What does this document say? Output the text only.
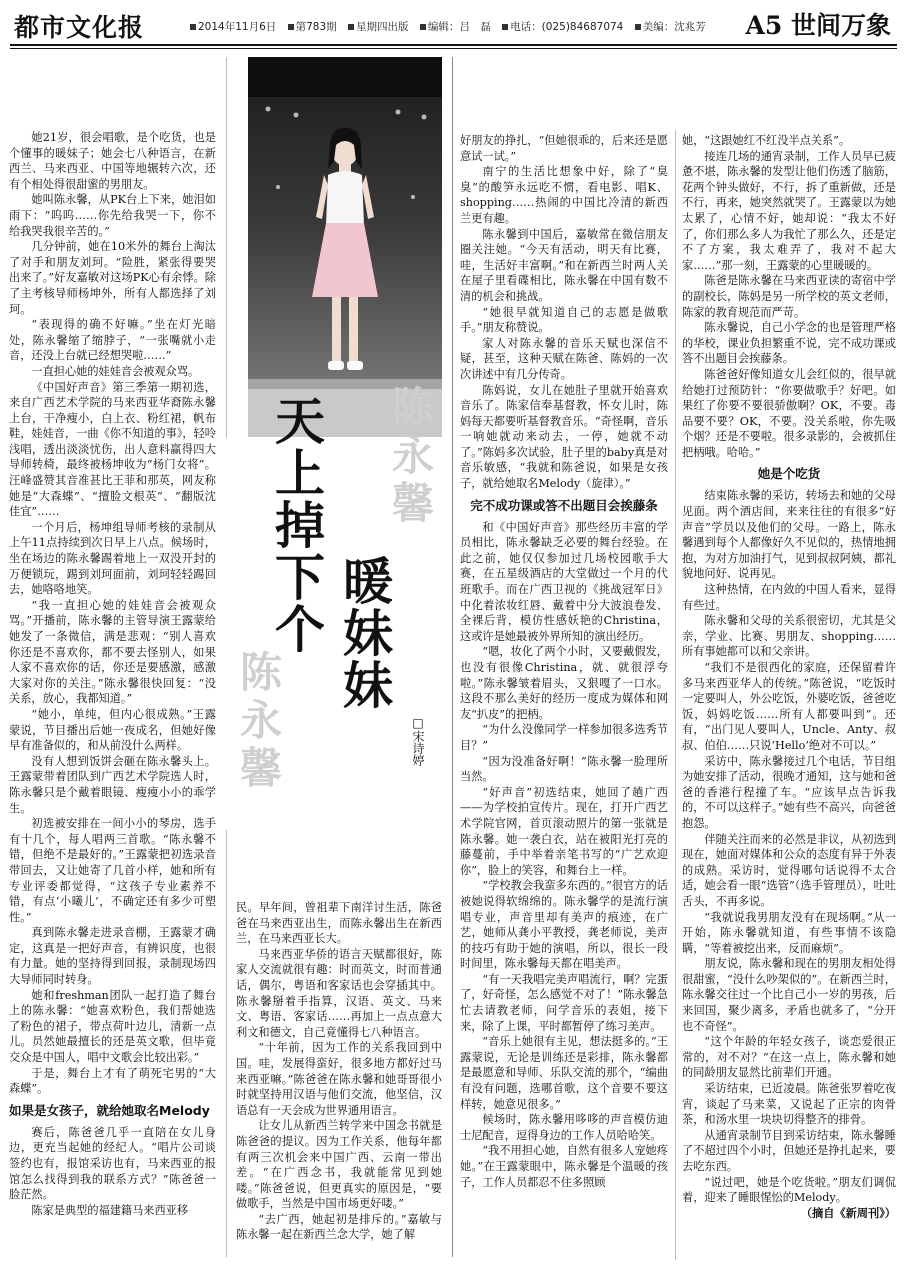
都市文化报	2014年11月6日 第783期 星期四出版 编辑：吕　磊 电话：(025)84687074 美编：沈兆芳	A5 世间万象
陈永馨
陈永馨
天上掉下个 暖妹妹
□宋诗婷

她21岁，很会唱歌，是个吃货，也是个懂事的暖妹子；她会七八种语言，在新西兰、马来西亚、中国等地辗转六次，还有个相处得很甜蜜的男朋友。

她叫陈永馨，从PK台上下来，她泪如雨下：“呜呜……你先给我哭一下，你不给我哭我很辛苦的。”

几分钟前，她在10米外的舞台上淘汰了对手和朋友刘珂。“险胜，紧张得要哭出来了。”好友嘉敏对这场PK心有余悸。除了主考核导师杨坤外，所有人都选择了刘珂。

“表现得的确不好嘛。”坐在灯光暗处，陈永馨缩了缩脖子，“一张嘴就小走音，还没上台就已经想哭啦……”

一直担心她的娃娃音会被观众骂。

《中国好声音》第三季第一期初选，来自广西艺术学院的马来西亚华裔陈永馨上台，干净瘦小，白上衣、粉红裙，帆布鞋，娃娃音，一曲《你不知道的事》，轻呤浅唱，透出淡淡忧伤，出人意料赢得四大导师转椅，最终被杨坤收为“杨门女将”。汪峰盛赞其音准甚比王菲和那英，网友称她是“大森蝶”、“擅脸文根英”、“翻版沈佳宜”……

一个月后，杨坤组导师考核的录制从上午11点持续到次日早上八点。候场时，坐在场边的陈永馨踢着地上一双没开封的万便锁玩，踢到刘珂面前，刘珂轻轻踢回去，她咯咯地笑。

“我一直担心她的娃娃音会被观众骂。”开播前，陈永馨的主管导演王露蒙给她发了一条微信，满是悲观：“别人喜欢你还是不喜欢你，都不要去怪别人，如果人家不喜欢你的话，你还是要感激，感激大家对你的关注。”陈永馨很快回复：“没关系，放心，我都知道。”

“她小，单纯，但内心很成熟。”王露蒙说，节目播出后她一夜成名，但她好像早有准备似的，和从前没什么两样。

没有人想到饭饼会砸在陈永馨头上。王露蒙带着团队到广西艺术学院选人时，陈永馨只是个戴着眼镜、瘦瘦小小的乖学生。

初选被安排在一间小小的琴房，选手有十几个，每人唱两三首歌。“陈永馨不错，但绝不是最好的。”王露蒙把初选录音带回去，又让她寄了几首小样，她和所有专业评委都觉得，“这孩子专业素养不错，有点‘小曦儿’，不确定还有多少可塑性。”

真到陈永馨走进录音棚，王露蒙才确定，这真是一把好声音，有辨识度，也很有力量。她的坚持得到回报，录制现场四大导师同时转身。

她和freshman团队一起打造了舞台上的陈永馨：“她喜欢粉色，我们帮她选了粉色的裙子，带点荷叶边儿，清新一点儿。员然她最擅长的还是英文歌，但毕竟交众是中国人，唱中文歌会比较出彩。”

于是，舞台上才有了萌死宅男的“大森蝶”。

如果是女孩子，就给她取名Melody

赛后，陈爸爸几乎一直陪在女儿身边，更充当起她的经纪人。“唱片公司谈签约也有，报馆采访也有，马来西亚的报馆怎么找得到我的联系方式？”陈爸爸一脸茫然。

陈家是典型的福建籍马来西亚移

民。早年间，曾祖辈下南洋讨生活，陈爸爸在马来西亚出生，而陈永馨出生在新西兰，在马来西亚长大。

马来西亚华侨的语言天赋都很好，陈家人交流就很有趣：时而英文，时而普通话，偶尔，粤语和客家话也会穿插其中。陈永馨掰着手指算，汉语、英文、马来文、粤语、客家话……再加上一点点意大利文和德文，自己竟懂得七八种语言。

“十年前，因为工作的关系我回到中国。哇，发展得蛮好，很多地方都好过马来西亚嘛。”陈爸爸在陈永馨和她哥哥很小时就坚持用汉语与他们交流，他坚信，汉语总有一天会成为世界通用语言。

让女儿从新西兰转学来中国念书就是陈爸爸的提议。因为工作关系，他每年都有两三次机会来中国广西、云南一带出差。“在广西念书，我就能常见到她喽。”陈爸爸说，但更真实的原因是，“要做歌手，当然是中国市场更好喽。”

“去广西，她起初是排斥的。”嘉敏与陈永馨一起在新西兰念大学，她了解

好朋友的挣扎，“但她很乖的，后来还是愿意试一试。”

南宁的生活比想象中好，除了“臭臭”的酸笋永远吃不惯，看电影、唱K、shopping……热闹的中国比冷清的新西兰更有趣。

陈永馨到中国后，嘉敏常在微信朋友圈关注她。“今天有活动，明天有比赛，哇，生活好丰富啊。”和在新西兰时两人关在屋子里看碟相比，陈永馨在中国有数不清的机会和挑战。

“她很早就知道自己的志愿是做歌手。”朋友称赞说。

家人对陈永馨的音乐天赋也深信不疑，甚至，这种天赋在陈爸、陈妈的一次次讲述中有几分传奇。

陈妈说，女儿在她肚子里就开始喜欢音乐了。陈家信奉基督教，怀女儿时，陈妈每天都要听基督教音乐。“奇怪啊，音乐一响她就动来动去，一停，她就不动了。”陈妈多次试验，肚子里的baby真是对音乐敏感，“我就和陈爸说，如果是女孩子，就给她取名Melody（旋律）。”

完不成功课或答不出题目会挨藤条

和《中国好声音》那些经历丰富的学员相比，陈永馨缺乏必要的舞台经验。在此之前，她仅仅参加过几场校园歌手大赛，在五星级酒店的大堂做过一个月的代班歌手。而在广西卫视的《挑战冠军日》中化着浓妆红唇、戴着中分大波浪卷发、全裸后背，模仿性感妖艳的Christina，这或许是她最被外界所知的演出经历。

“嗯，妆化了两个小时，又要戴假发，也没有很像Christina，就、就很浮夸啦。”陈永馨皱着眉头，又狠嘎了一口水。这段不那么美好的经历一度成为媒体和网友“扒皮”的把柄。

“为什么没像同学一样参加很多选秀节目？”

“因为没准备好啊！”陈永馨一脸理所当然。

“好声音”初选结束，她回了趟广西——为学校拍宣传片。现在，打开广西艺术学院官网，首页滚动照片的第一张就是陈永馨。她一袭白衣，站在被阳光打亮的藤蔓前，手中举着亲笔书写的“广艺欢迎你”，脸上的笑容，和舞台上一样。

“学校教会我蛮多东西的。”很官方的话被她说得软绵绵的。陈永馨学的是流行演唱专业，声音里却有美声的痕迹，在广艺，她师从龚小平教授，龚老师说，美声的技巧有助于她的演唱，所以，很长一段时间里，陈永馨每天都在唱美声。

“有一天我唱完美声唱流行，啊？完蛋了，好奇怪，怎么感觉不对了！”陈永馨急忙去请教老师，问学音乐的表姐，接下来，除了上课，平时都暂停了练习美声。

“音乐上她很有主见，想法挺多的。”王露蒙说，无论是训练还是彩排，陈永馨都是最愿意和导师、乐队交流的那个，“编曲有没有问题，选哪首歌，这个音要不要这样转，她意见很多。”

候场时，陈永馨用哆哆的声音模仿迪士尼配音，逗得身边的工作人员哈哈笑。

“我不用担心她，自然有很多人宠她疼她。”在王露蒙眼中，陈永馨是个温暖的孩子，工作人员都忍不住多照顾

她，“这跟她红不红没半点关系”。

接连几场的通宵录制，工作人员早已疲惫不堪，陈永馨的发型让他们伤透了脑筋，花两个钟头做好，不行，拆了重新做，还是不行，再来，她突然就哭了。王露蒙以为她太累了，心情不好，她却说：“我太不好了，你们那么多人为我忙了那么久，还是定不了方案，我太难弄了，我对不起大家……”那一刻，王露蒙的心里暖暖的。

陈爸是陈永馨在马来西亚读的寄宿中学的副校长，陈妈是另一所学校的英文老师，陈家的教育规范而严苛。

陈永馨说，自己小学念的也是管理严格的华校，课业负担繁重不说，完不成功课或答不出题目会挨藤条。

陈爸爸好像知道女儿会红似的，很早就给她打过预防针：“你要做歌手？好吧。如果红了你要不要很骄傲啊？OK，不要。毒品要不要？OK，不要。没关系啦，你先吸个烟？还是不要啦。很多录影的，会被抓住把柄哦。哈哈。”

她是个吃货

结束陈永馨的采访，转场去和她的父母见面。两个酒店间，来来往往的有很多“好声音”学员以及他们的父母。一路上，陈永馨遇到每个人都像好久不见似的，热情地拥抱，为对方加油打气，见到叔叔阿姨，都礼貌地问好、说再见。

这种热情，在内敛的中国人看来，显得有些过。

陈永馨和父母的关系很密切，尤其是父亲，学业、比赛、男朋友、shopping……所有事她都可以和父亲讲。

“我们不是很西化的家庭，还保留着许多马来西亚华人的传统。”陈爸说，“吃饭时一定要叫人，外公吃饭，外婆吃饭，爸爸吃饭，妈妈吃饭……所有人都要叫到”。还有，“出门见人要叫人，Uncle、Anty、叔叔、伯伯……只说‘Hello’绝对不可以。”

采访中，陈永馨接过几个电话，节目组为她安排了活动，很晚才通知，这与她和爸爸的香港行程撞了车。“应该早点告诉我的，不可以这样子。”她有些不高兴，向爸爸抱怨。

伴随关注而来的必然是非议，从初选到现在，她面对媒体和公众的态度有异于外表的成熟。采访时，觉得哪句话说得不太合适，她会看一眼“选管”（选手管理员），吐吐舌头，不再多说。

“我就说我男朋友没有在现场啊。”从一开始，陈永馨就知道，有些事情不该隐瞒，“等着被挖出来，反而麻烦”。

朋友说，陈永馨和现在的男朋友相处得很甜蜜，“没什么吵架似的”。在新西兰时，陈永馨交往过一个比自己小一岁的男孩，后来回国，聚少离多，矛盾也就多了，“分开也不奇怪”。

“这个年龄的年轻女孩子，谈恋爱很正常的，对不对？”在这一点上，陈永馨和她的同龄朋友显然比前辈们开通。

采访结束，已近凌晨。陈爸张罗着吃夜宵，谈起了马来菜，又说起了正宗的肉骨茶，和汤水里一块块切得整齐的排骨。

从通宵录制节目到采访结束，陈永馨睡了不超过四个小时，但她还是挣扎起来，要去吃东西。

“说过吧，她是个吃货啦。”朋友们调侃着，迎来了睡眼惺忪的Melody。

（摘自《新周刊》）
